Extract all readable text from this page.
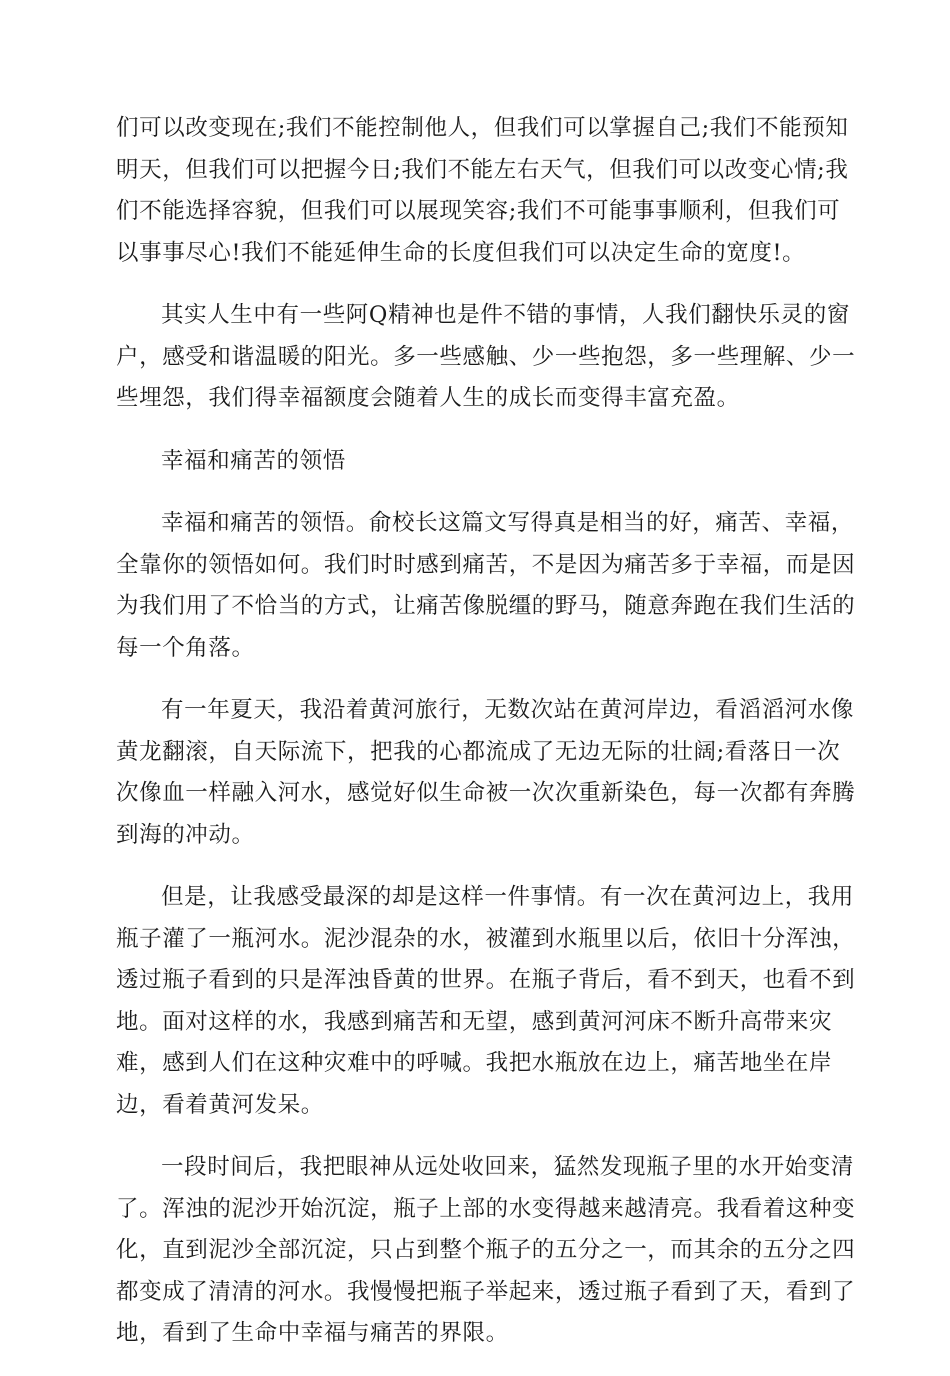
们可以改变现在;我们不能控制他人，但我们可以掌握自己;我们不能预知
明天，但我们可以把握今日;我们不能左右天气，但我们可以改变心情;我
们不能选择容貌，但我们可以展现笑容;我们不可能事事顺利，但我们可
以事事尽心!我们不能延伸生命的长度但我们可以决定生命的宽度!。

其实人生中有一些阿Q精神也是件不错的事情，人我们翻快乐灵的窗
户，感受和谐温暖的阳光。多一些感触、少一些抱怨，多一些理解、少一
些埋怨，我们得幸福额度会随着人生的成长而变得丰富充盈。

幸福和痛苦的领悟

幸福和痛苦的领悟。俞校长这篇文写得真是相当的好，痛苦、幸福，
全靠你的领悟如何。我们时时感到痛苦，不是因为痛苦多于幸福，而是因
为我们用了不恰当的方式，让痛苦像脱缰的野马，随意奔跑在我们生活的
每一个角落。

有一年夏天，我沿着黄河旅行，无数次站在黄河岸边，看滔滔河水像
黄龙翻滚，自天际流下，把我的心都流成了无边无际的壮阔;看落日一次
次像血一样融入河水，感觉好似生命被一次次重新染色，每一次都有奔腾
到海的冲动。

但是，让我感受最深的却是这样一件事情。有一次在黄河边上，我用
瓶子灌了一瓶河水。泥沙混杂的水，被灌到水瓶里以后，依旧十分浑浊，
透过瓶子看到的只是浑浊昏黄的世界。在瓶子背后，看不到天，也看不到
地。面对这样的水，我感到痛苦和无望，感到黄河河床不断升高带来灾
难，感到人们在这种灾难中的呼喊。我把水瓶放在边上，痛苦地坐在岸
边，看着黄河发呆。

一段时间后，我把眼神从远处收回来，猛然发现瓶子里的水开始变清
了。浑浊的泥沙开始沉淀，瓶子上部的水变得越来越清亮。我看着这种变
化，直到泥沙全部沉淀，只占到整个瓶子的五分之一，而其余的五分之四
都变成了清清的河水。我慢慢把瓶子举起来，透过瓶子看到了天，看到了
地，看到了生命中幸福与痛苦的界限。
